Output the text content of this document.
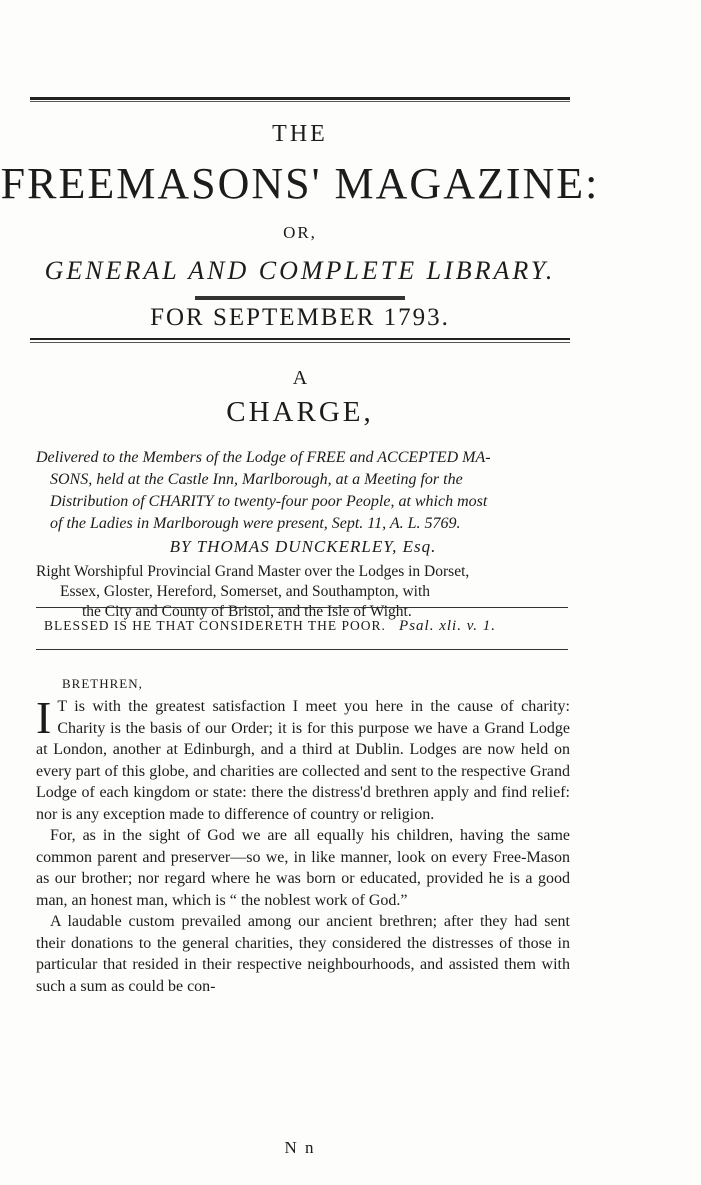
THE
FREEMASONS' MAGAZINE:
OR,
GENERAL AND COMPLETE LIBRARY.
FOR SEPTEMBER 1793.
A
CHARGE,
Delivered to the Members of the Lodge of FREE and ACCEPTED MA-
SONS, held at the Castle Inn, Marlborough, at a Meeting for the
Distribution of CHARITY to twenty-four poor People, at which most
of the Ladies in Marlborough were present, Sept. 11, A. L. 5769.
BY THOMAS DUNCKERLEY, Esq.
Right Worshipful Provincial Grand Master over the Lodges in Dorset,
Essex, Gloster, Hereford, Somerset, and Southampton, with
the City and County of Bristol, and the Isle of Wight.
BLESSED IS HE THAT CONSIDERETH THE POOR. Psal. xli. v. 1.
BRETHREN,

I T is with the greatest satisfaction I meet you here in the cause of charity: Charity is the basis of our Order; it is for this purpose we have a Grand Lodge at London, another at Edinburgh, and a third at Dublin. Lodges are now held on every part of this globe, and charities are collected and sent to the respective Grand Lodge of each kingdom or state: there the distress'd brethren apply and find relief: nor is any exception made to difference of country or religion.

For, as in the sight of God we are all equally his children, having the same common parent and preserver—so we, in like manner, look on every Free-Mason as our brother; nor regard where he was born or educated, provided he is a good man, an honest man, which is “ the noblest work of God.”

A laudable custom prevailed among our ancient brethren; after they had sent their donations to the general charities, they considered the distresses of those in particular that resided in their respective neighbourhoods, and assisted them with such a sum as could be con-

N n
